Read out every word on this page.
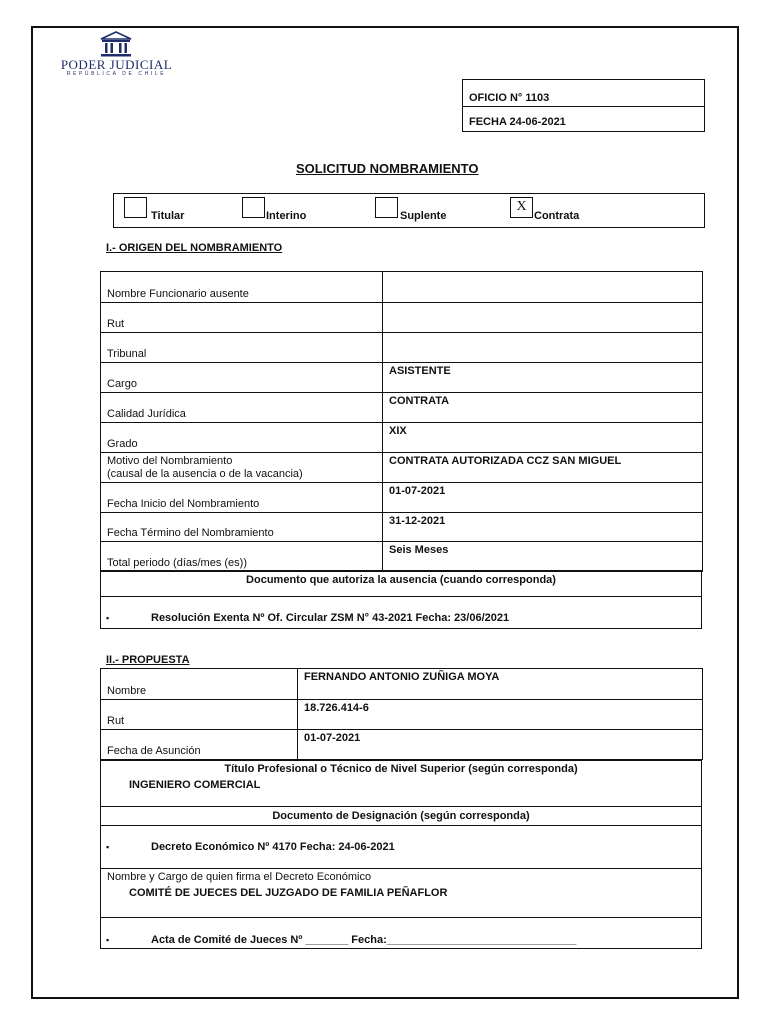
PODER JUDICIAL
REPÚBLICA DE CHILE
OFICIO N° 1103
FECHA 24-06-2021
SOLICITUD NOMBRAMIENTO
Titular	Interino	Suplente
X
Contrata
I.- ORIGEN DEL NOMBRAMIENTO
Nombre Funcionario ausente	
Rut	
Tribunal	
Cargo	ASISTENTE
Calidad Jurídica	CONTRATA
Grado	XIX

Motivo del Nombramiento
(causal de la ausencia o de la vacancia)	CONTRATA AUTORIZADA CCZ SAN MIGUEL
Fecha Inicio del Nombramiento	01-07-2021
Fecha Término del Nombramiento	31-12-2021
Total periodo (días/mes (es))	Seis Meses
Documento que autoriza la ausencia (cuando corresponda)
▪	Resolución Exenta Nº Of. Circular ZSM N° 43-2021 Fecha: 23/06/2021
II.- PROPUESTA
Nombre	FERNANDO ANTONIO ZUÑIGA MOYA
Rut	18.726.414-6
Fecha de Asunción	01-07-2021
Título Profesional o Técnico de Nivel Superior (según corresponda)
INGENIERO COMERCIAL
Documento de Designación (según corresponda)
▪	Decreto Económico Nº 4170 Fecha: 24-06-2021
Nombre y Cargo de quien firma el Decreto Económico
COMITÉ DE JUECES DEL JUZGADO DE FAMILIA PEÑAFLOR
▪	Acta de Comité de Jueces Nº _______ Fecha:_______________________________
